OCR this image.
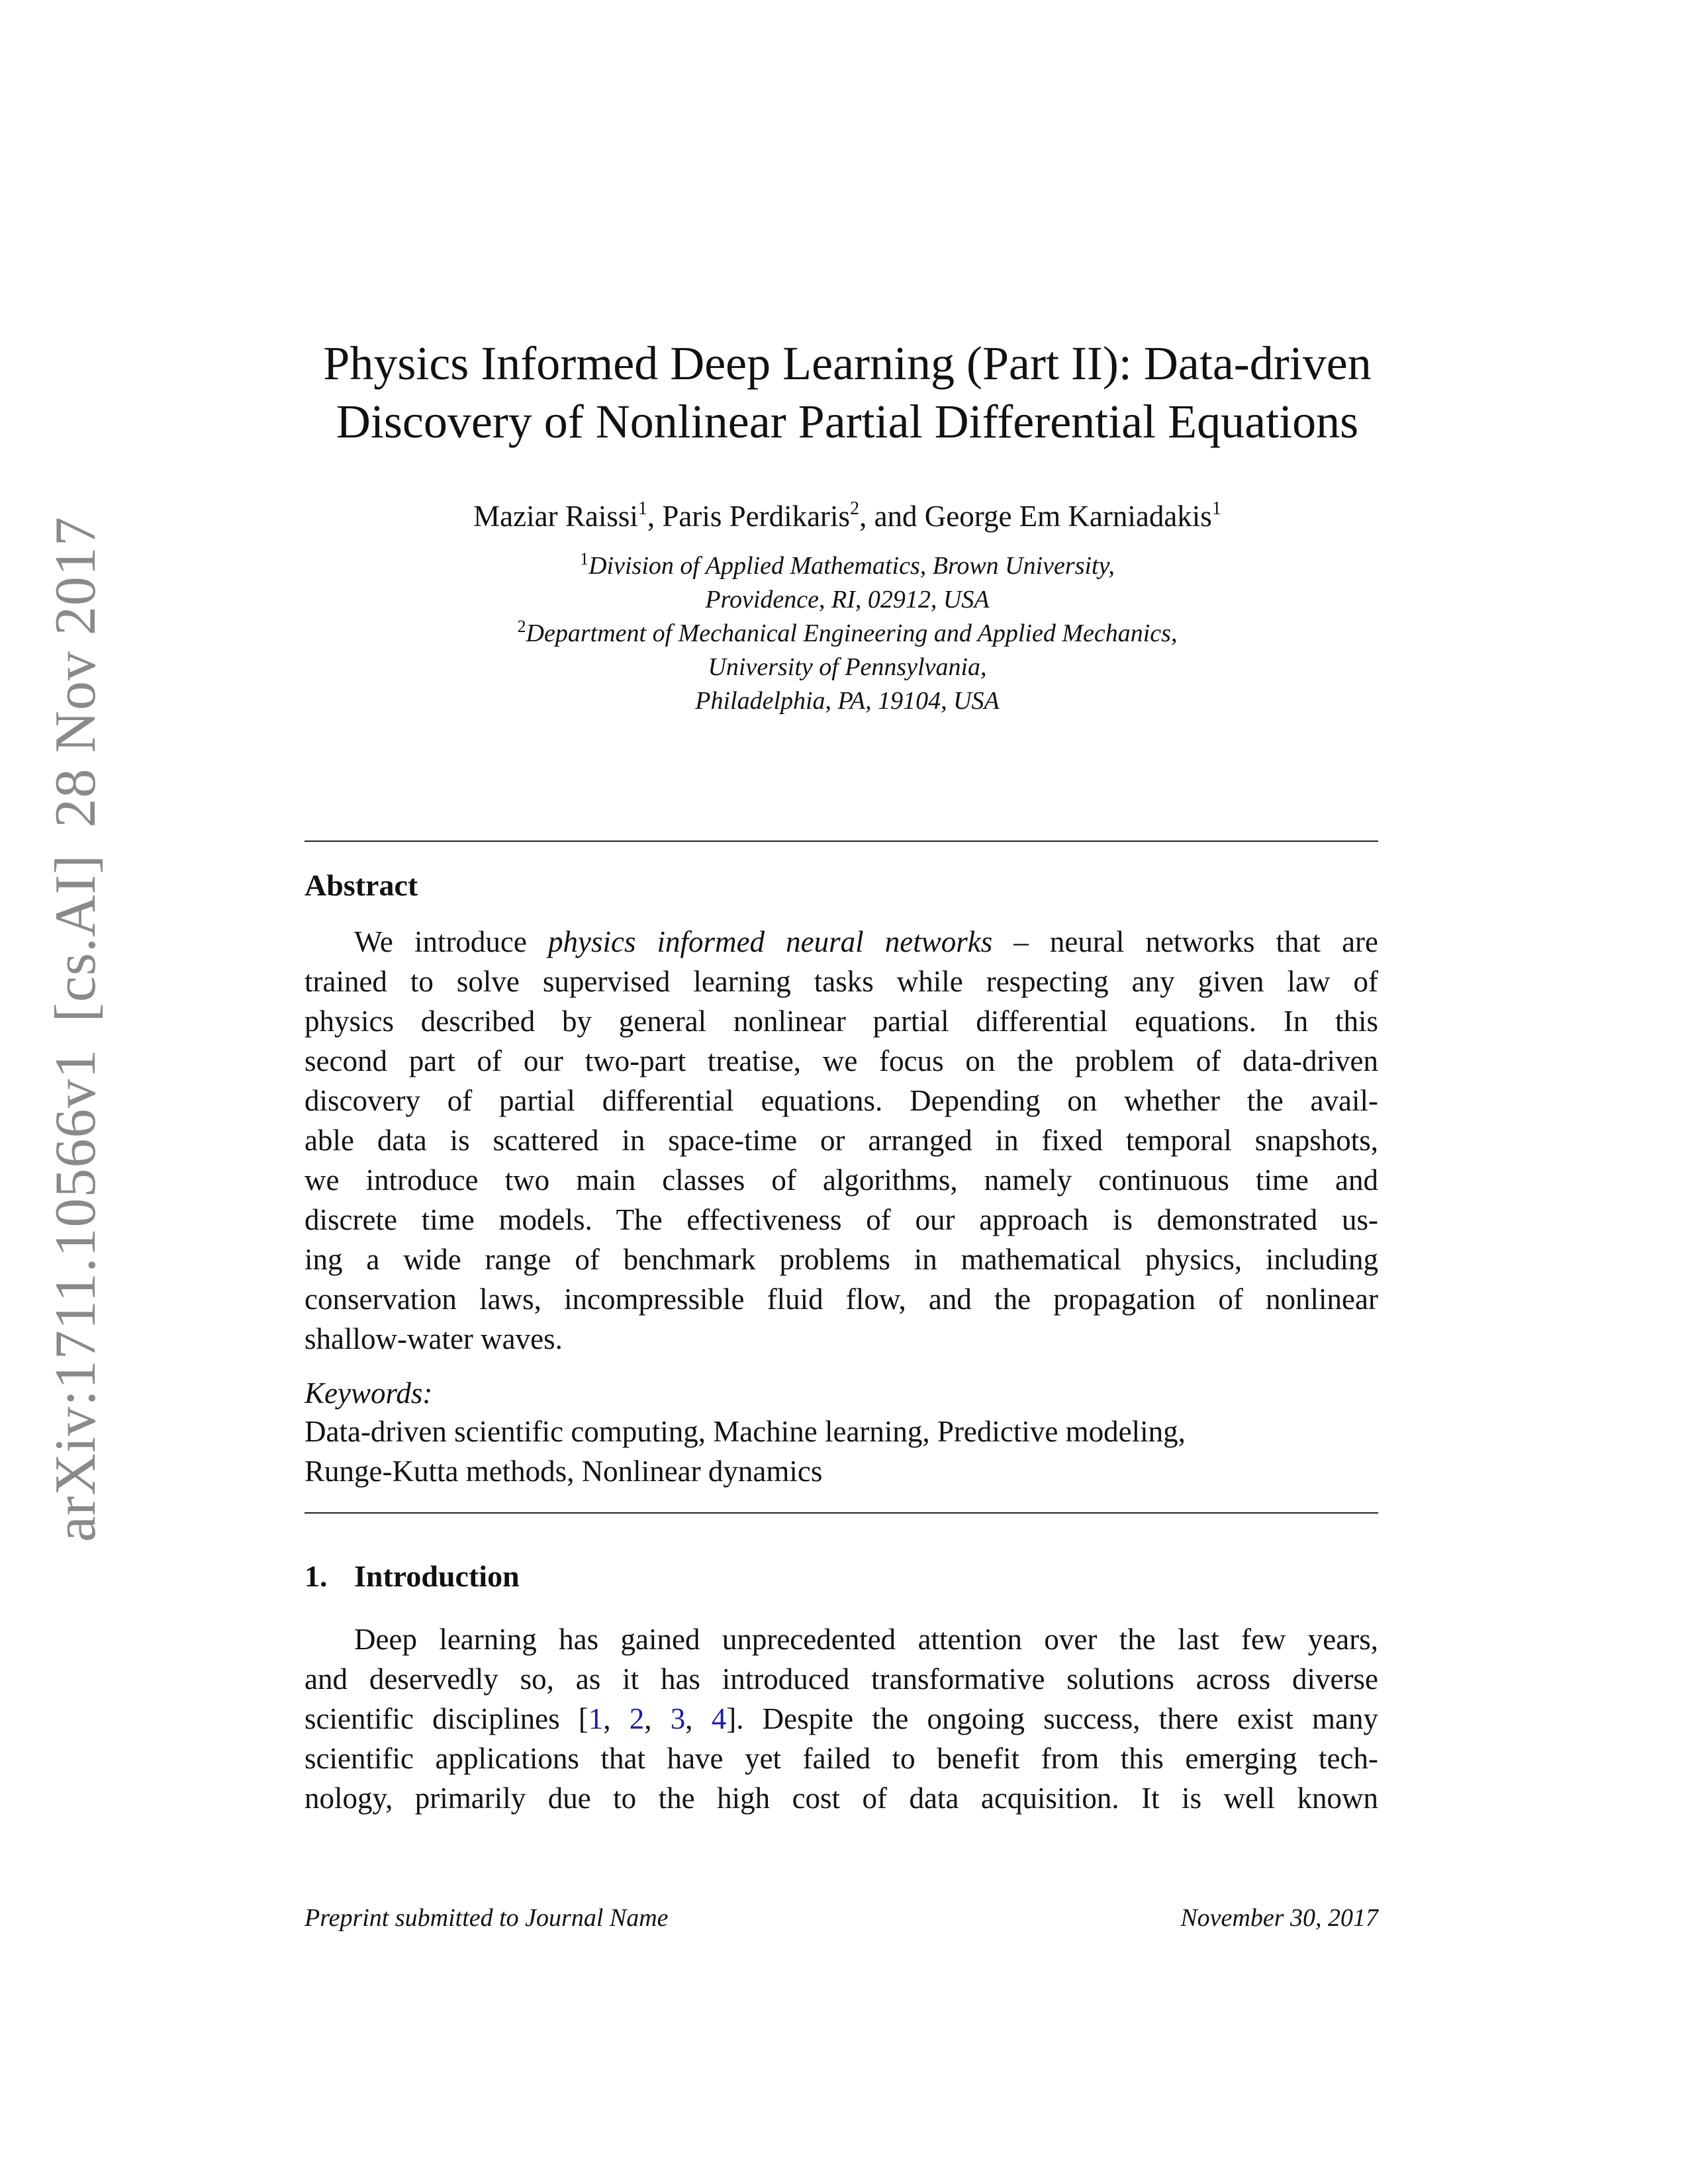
arXiv:1711.10566v1[cs.AI]28 Nov 2017
Physics Informed Deep Learning (Part II): Data-driven
Discovery of Nonlinear Partial Differential Equations
Maziar Raissi$^1$, Paris Perdikaris$^2$, and George Em Karniadakis$^1$
$^1$Division of Applied Mathematics, Brown University,
Providence, RI, 02912, USA
$^2$Department of Mechanical Engineering and Applied Mechanics,
University of Pennsylvania,
Philadelphia, PA, 19104, USA
Abstract
We introduce physics informed neural networks – neural networks that are
trained to solve supervised learning tasks while respecting any given law of
physics described by general nonlinear partial differential equations. In this
second part of our two-part treatise, we focus on the problem of data-driven
discovery of partial differential equations. Depending on whether the avail-
able data is scattered in space-time or arranged in fixed temporal snapshots,
we introduce two main classes of algorithms, namely continuous time and
discrete time models. The effectiveness of our approach is demonstrated us-
ing a wide range of benchmark problems in mathematical physics, including
conservation laws, incompressible fluid flow, and the propagation of nonlinear
shallow-water waves.
Keywords:
Data-driven scientific computing, Machine learning, Predictive modeling,
Runge-Kutta methods, Nonlinear dynamics
1. Introduction
Deep learning has gained unprecedented attention over the last few years,
and deservedly so, as it has introduced transformative solutions across diverse
scientific disciplines [1, 2, 3, 4]. Despite the ongoing success, there exist many
scientific applications that have yet failed to benefit from this emerging tech-
nology, primarily due to the high cost of data acquisition. It is well known
Preprint submitted to Journal Name	November 30, 2017
